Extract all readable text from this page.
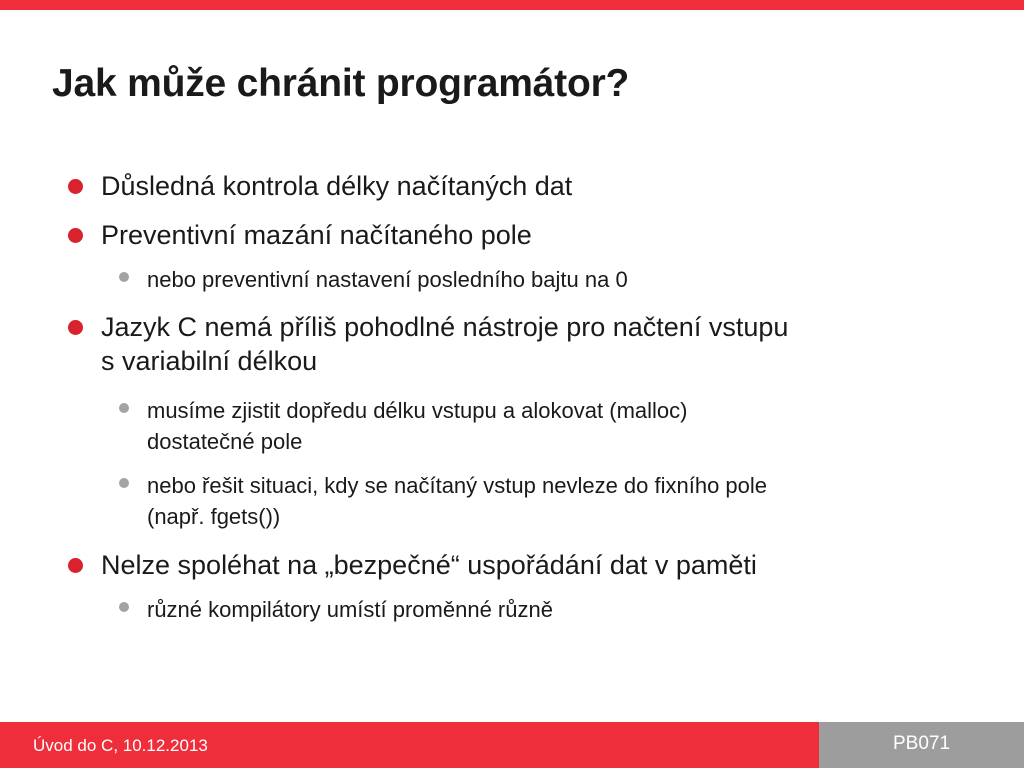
Jak může chránit programátor?
Důsledná kontrola délky načítaných dat
Preventivní mazání načítaného pole
nebo preventivní nastavení posledního bajtu na 0
Jazyk C nemá příliš pohodlné nástroje pro načtení vstupu
s variabilní délkou
musíme zjistit dopředu délku vstupu a alokovat (malloc)
dostatečné pole
nebo řešit situaci, kdy se načítaný vstup nevleze do fixního pole
(např. fgets())
Nelze spoléhat na „bezpečné“ uspořádání dat v paměti
různé kompilátory umístí proměnné různě
Úvod do C, 10.12.2013	PB071
